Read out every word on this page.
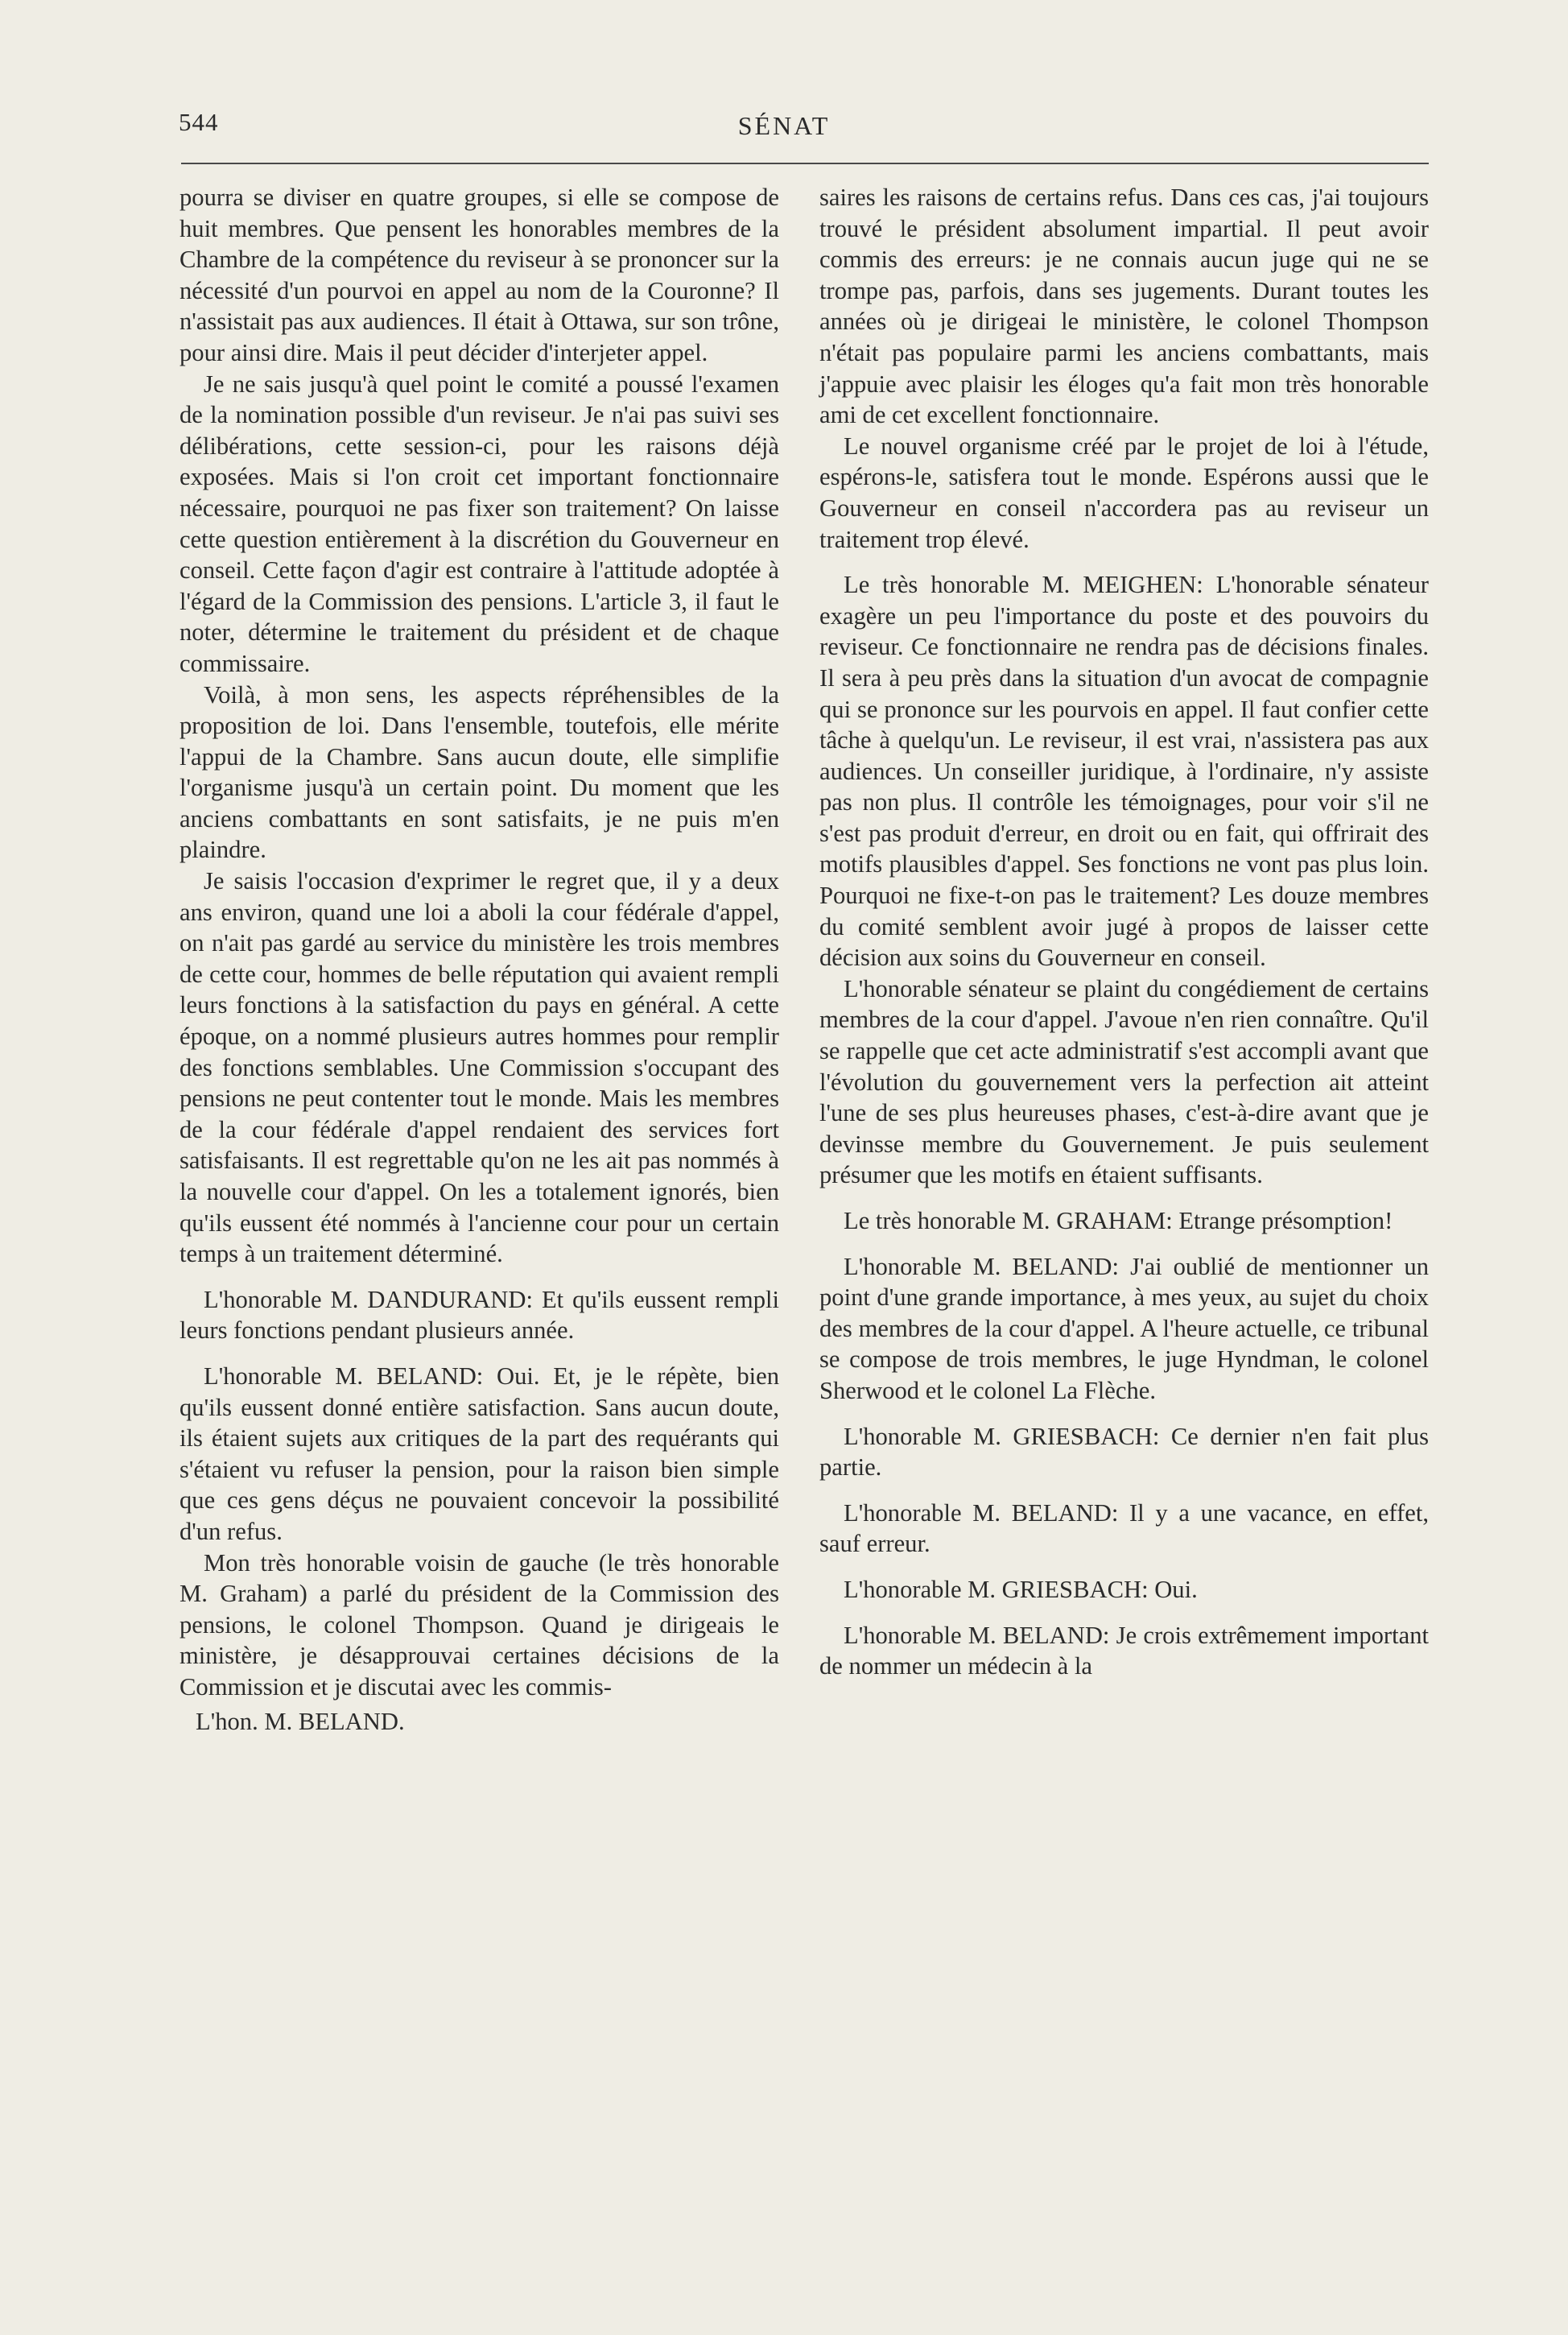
544	SÉNAT

pourra se diviser en quatre groupes, si elle se compose de huit membres. Que pensent les honorables membres de la Chambre de la compétence du reviseur à se prononcer sur la nécessité d'un pourvoi en appel au nom de la Couronne? Il n'assistait pas aux audiences. Il était à Ottawa, sur son trône, pour ainsi dire. Mais il peut décider d'interjeter appel.

Je ne sais jusqu'à quel point le comité a poussé l'examen de la nomination possible d'un reviseur. Je n'ai pas suivi ses délibérations, cette session-ci, pour les raisons déjà exposées. Mais si l'on croit cet important fonctionnaire nécessaire, pourquoi ne pas fixer son traitement? On laisse cette question entièrement à la discrétion du Gouverneur en conseil. Cette façon d'agir est contraire à l'attitude adoptée à l'égard de la Commission des pensions. L'article 3, il faut le noter, détermine le traitement du président et de chaque commissaire.

Voilà, à mon sens, les aspects répréhensibles de la proposition de loi. Dans l'ensemble, toutefois, elle mérite l'appui de la Chambre. Sans aucun doute, elle simplifie l'organisme jusqu'à un certain point. Du moment que les anciens combattants en sont satisfaits, je ne puis m'en plaindre.

Je saisis l'occasion d'exprimer le regret que, il y a deux ans environ, quand une loi a aboli la cour fédérale d'appel, on n'ait pas gardé au service du ministère les trois membres de cette cour, hommes de belle réputation qui avaient rempli leurs fonctions à la satisfaction du pays en général. A cette époque, on a nommé plusieurs autres hommes pour remplir des fonctions semblables. Une Commission s'occupant des pensions ne peut contenter tout le monde. Mais les membres de la cour fédérale d'appel rendaient des services fort satisfaisants. Il est regrettable qu'on ne les ait pas nommés à la nouvelle cour d'appel. On les a totalement ignorés, bien qu'ils eussent été nommés à l'ancienne cour pour un certain temps à un traitement déterminé.

L'honorable M. DANDURAND: Et qu'ils eussent rempli leurs fonctions pendant plusieurs année.

L'honorable M. BELAND: Oui. Et, je le répète, bien qu'ils eussent donné entière satisfaction. Sans aucun doute, ils étaient sujets aux critiques de la part des requérants qui s'étaient vu refuser la pension, pour la raison bien simple que ces gens déçus ne pouvaient concevoir la possibilité d'un refus.

Mon très honorable voisin de gauche (le très honorable M. Graham) a parlé du président de la Commission des pensions, le colonel Thompson. Quand je dirigeais le ministère, je désapprouvai certaines décisions de la Commission et je discutai avec les commis-

L'hon. M. BELAND.

saires les raisons de certains refus. Dans ces cas, j'ai toujours trouvé le président absolument impartial. Il peut avoir commis des erreurs: je ne connais aucun juge qui ne se trompe pas, parfois, dans ses jugements. Durant toutes les années où je dirigeai le ministère, le colonel Thompson n'était pas populaire parmi les anciens combattants, mais j'appuie avec plaisir les éloges qu'a fait mon très honorable ami de cet excellent fonctionnaire.

Le nouvel organisme créé par le projet de loi à l'étude, espérons-le, satisfera tout le monde. Espérons aussi que le Gouverneur en conseil n'accordera pas au reviseur un traitement trop élevé.

Le très honorable M. MEIGHEN: L'honorable sénateur exagère un peu l'importance du poste et des pouvoirs du reviseur. Ce fonctionnaire ne rendra pas de décisions finales. Il sera à peu près dans la situation d'un avocat de compagnie qui se prononce sur les pourvois en appel. Il faut confier cette tâche à quelqu'un. Le reviseur, il est vrai, n'assistera pas aux audiences. Un conseiller juridique, à l'ordinaire, n'y assiste pas non plus. Il contrôle les témoignages, pour voir s'il ne s'est pas produit d'erreur, en droit ou en fait, qui offrirait des motifs plausibles d'appel. Ses fonctions ne vont pas plus loin. Pourquoi ne fixe-t-on pas le traitement? Les douze membres du comité semblent avoir jugé à propos de laisser cette décision aux soins du Gouverneur en conseil.

L'honorable sénateur se plaint du congédiement de certains membres de la cour d'appel. J'avoue n'en rien connaître. Qu'il se rappelle que cet acte administratif s'est accompli avant que l'évolution du gouvernement vers la perfection ait atteint l'une de ses plus heureuses phases, c'est-à-dire avant que je devinsse membre du Gouvernement. Je puis seulement présumer que les motifs en étaient suffisants.

Le très honorable M. GRAHAM: Etrange présomption!

L'honorable M. BELAND: J'ai oublié de mentionner un point d'une grande importance, à mes yeux, au sujet du choix des membres de la cour d'appel. A l'heure actuelle, ce tribunal se compose de trois membres, le juge Hyndman, le colonel Sherwood et le colonel La Flèche.

L'honorable M. GRIESBACH: Ce dernier n'en fait plus partie.

L'honorable M. BELAND: Il y a une vacance, en effet, sauf erreur.

L'honorable M. GRIESBACH: Oui.

L'honorable M. BELAND: Je crois extrêmement important de nommer un médecin à la
